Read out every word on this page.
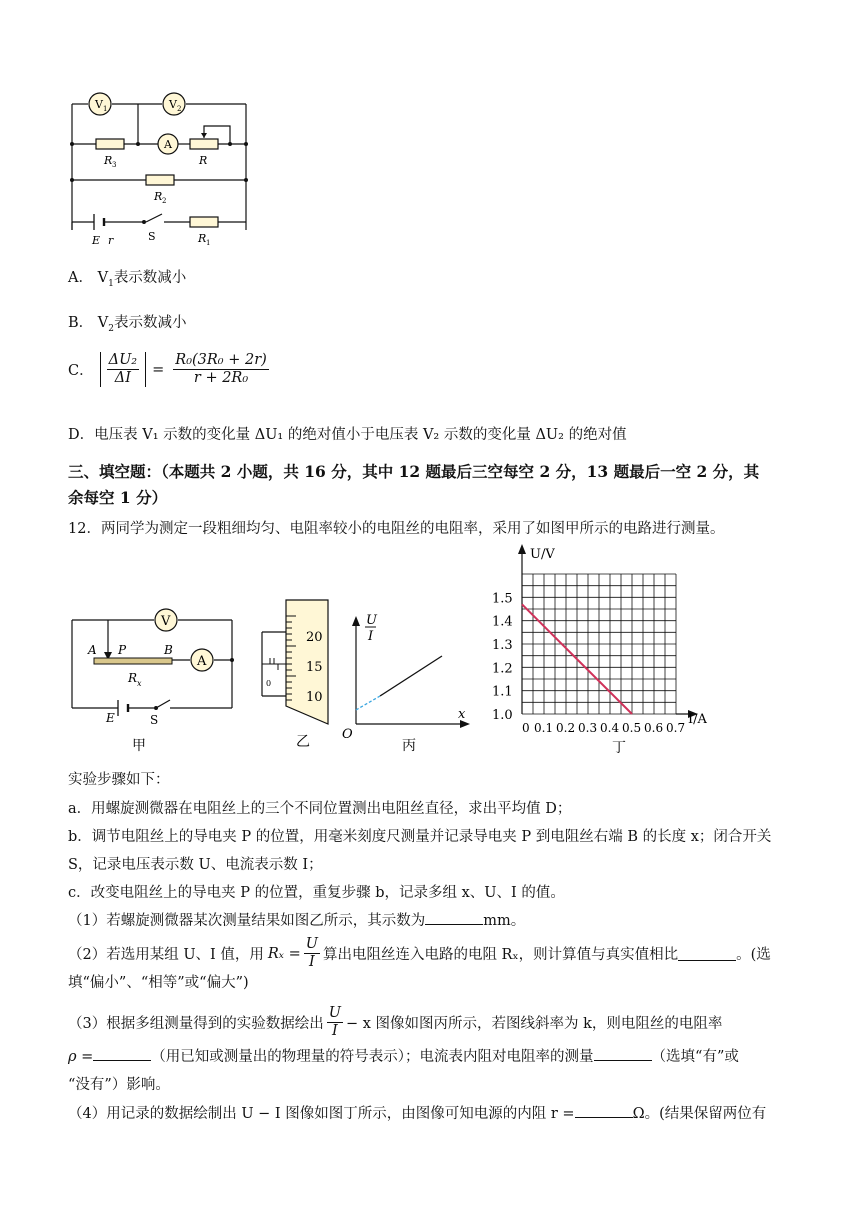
V 1	V 2
A
R 3	R
R 2
E r	S	R 1
A． $V_1$表示数减小
B． $V_2$表示数减小
C． $\frac{\text{ΔU₂}}{\Delta I} = \frac{\text{R₀(3R₀ + 2r)}}{\text{r + 2R₀}}$
D．电压表 V₁ 示数的变化量 ΔU₁ 的绝对值小于电压表 V₂ 示数的变化量 ΔU₂ 的绝对值
三、填空题：（本题共 2 小题，共 16 分，其中 12 题最后三空每空 2 分，13 题最后一空 2 分，其
余每空 1 分）
12．两同学为测定一段粗细均匀、电阻率较小的电阻丝的电阻率，采用了如图甲所示的电路进行测量。
V
A
A P	B
R x
E	S
甲
20
15
10
0
乙
U
I
x
O
丙
1.1
1.2
1.3
1.4
1.5
1.0
0 0.1 0.2 0.3 0.4 0.5 0.6 0.7
U/V
I/A
丁
实验步骤如下：
a．用螺旋测微器在电阻丝上的三个不同位置测出电阻丝直径，求出平均值 D；
b．调节电阻丝上的导电夹 P 的位置，用毫米刻度尺测量并记录导电夹 P 到电阻丝右端 B 的长度 x；闭合开关
S，记录电压表示数 U、电流表示数 I；
c．改变电阻丝上的导电夹 P 的位置，重复步骤 b，记录多组 x、U、I 的值。
（1）若螺旋测微器某次测量结果如图乙所示，其示数为	mm。
（2）若选用某组 U、I 值，用 $R_x = \frac{U}{I}$ 算出电阻丝连入电路的电阻 Rₓ，则计算值与真实值相比	。(选
填“偏小”、“相等”或“偏大”)
（3）根据多组测量得到的实验数据绘出 $\frac{U}{I} - x$ 图像如图丙所示，若图线斜率为 k，则电阻丝的电阻率
ρ =	（用已知或测量出的物理量的符号表示）；电流表内阻对电阻率的测量	（选填“有”或
“没有”）影响。
（4）用记录的数据绘制出 U − I 图像如图丁所示，由图像可知电源的内阻 r =	Ω。(结果保留两位有
